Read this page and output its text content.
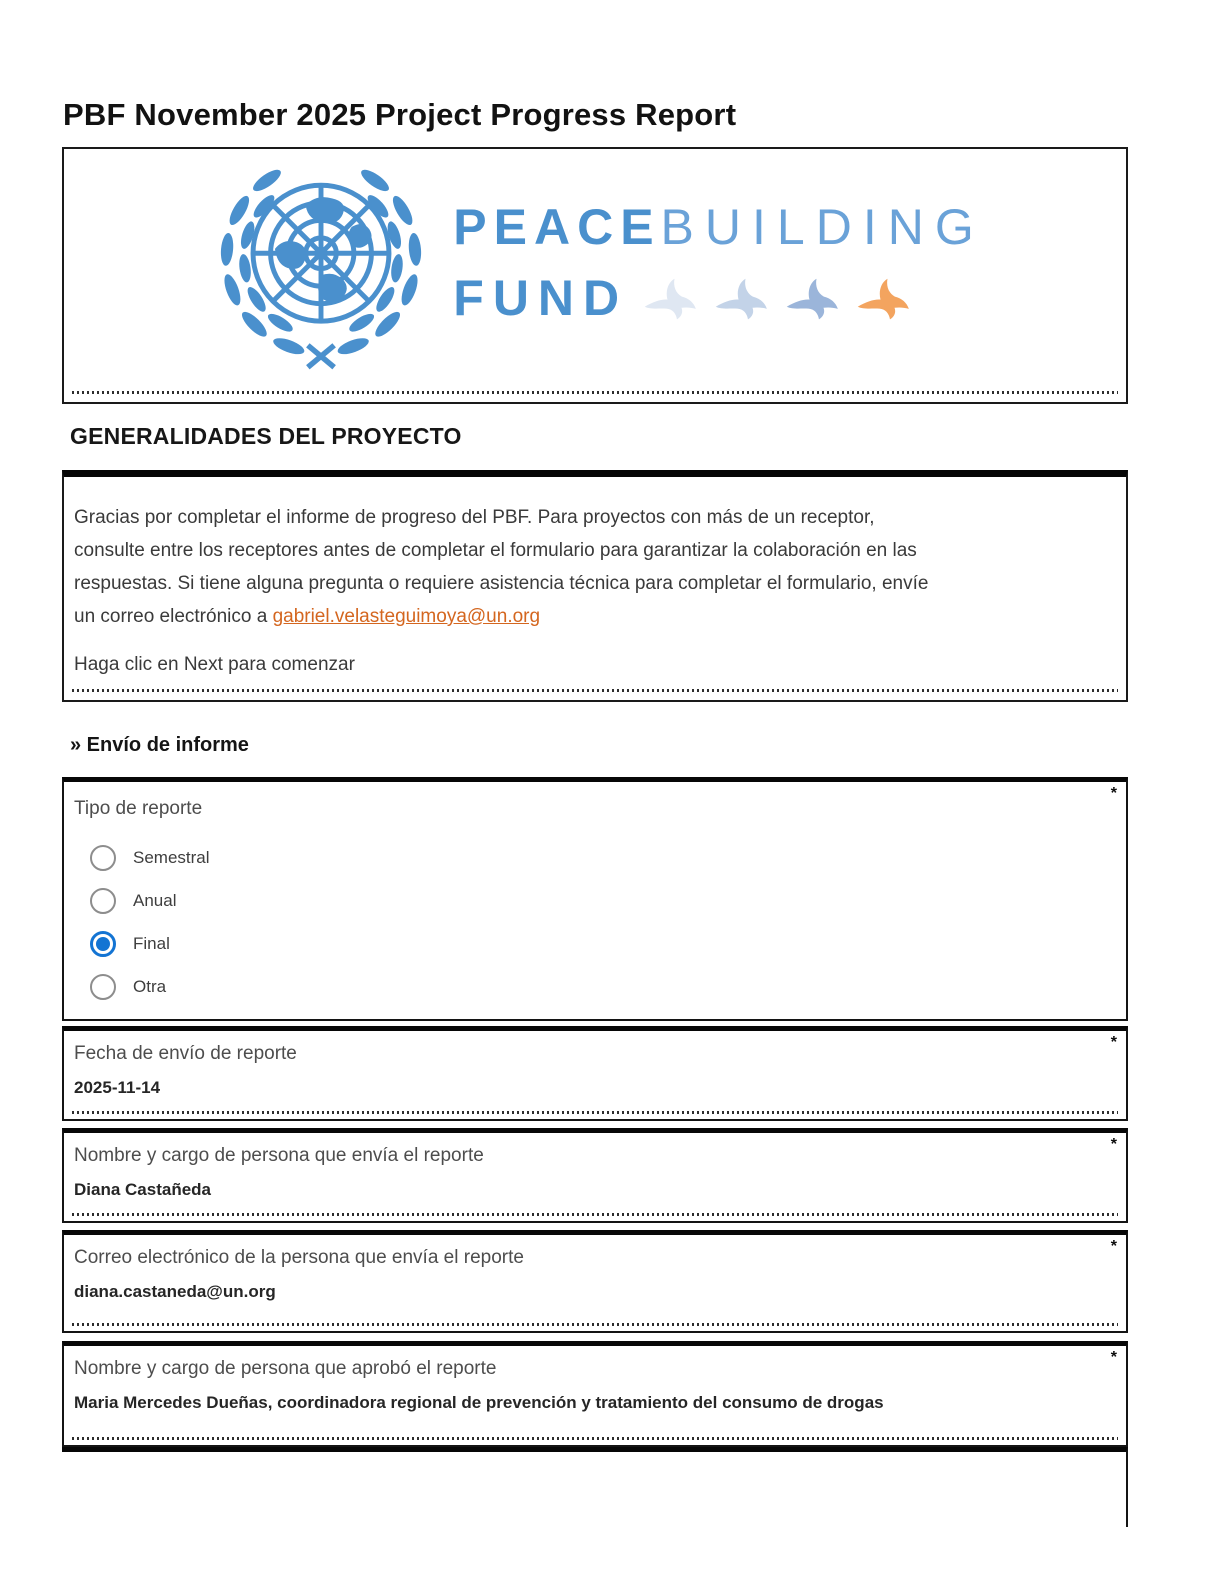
PBF November 2025 Project Progress Report
PEACE BUILDING
FUND
GENERALIDADES DEL PROYECTO
Gracias por completar el informe de progreso del PBF. Para proyectos con más de un receptor,
consulte entre los receptores antes de completar el formulario para garantizar la colaboración en las
respuestas. Si tiene alguna pregunta o requiere asistencia técnica para completar el formulario, envíe
un correo electrónico a gabriel.velasteguimoya@un.org
Haga clic en Next para comenzar
» Envío de informe
*
Tipo de reporte
Semestral
Anual
Final
Otra
*
Fecha de envío de reporte
2025-11-14
*
Nombre y cargo de persona que envía el reporte
Diana Castañeda
*
Correo electrónico de la persona que envía el reporte
diana.castaneda@un.org
*
Nombre y cargo de persona que aprobó el reporte
Maria Mercedes Dueñas, coordinadora regional de prevención y tratamiento del consumo de drogas
